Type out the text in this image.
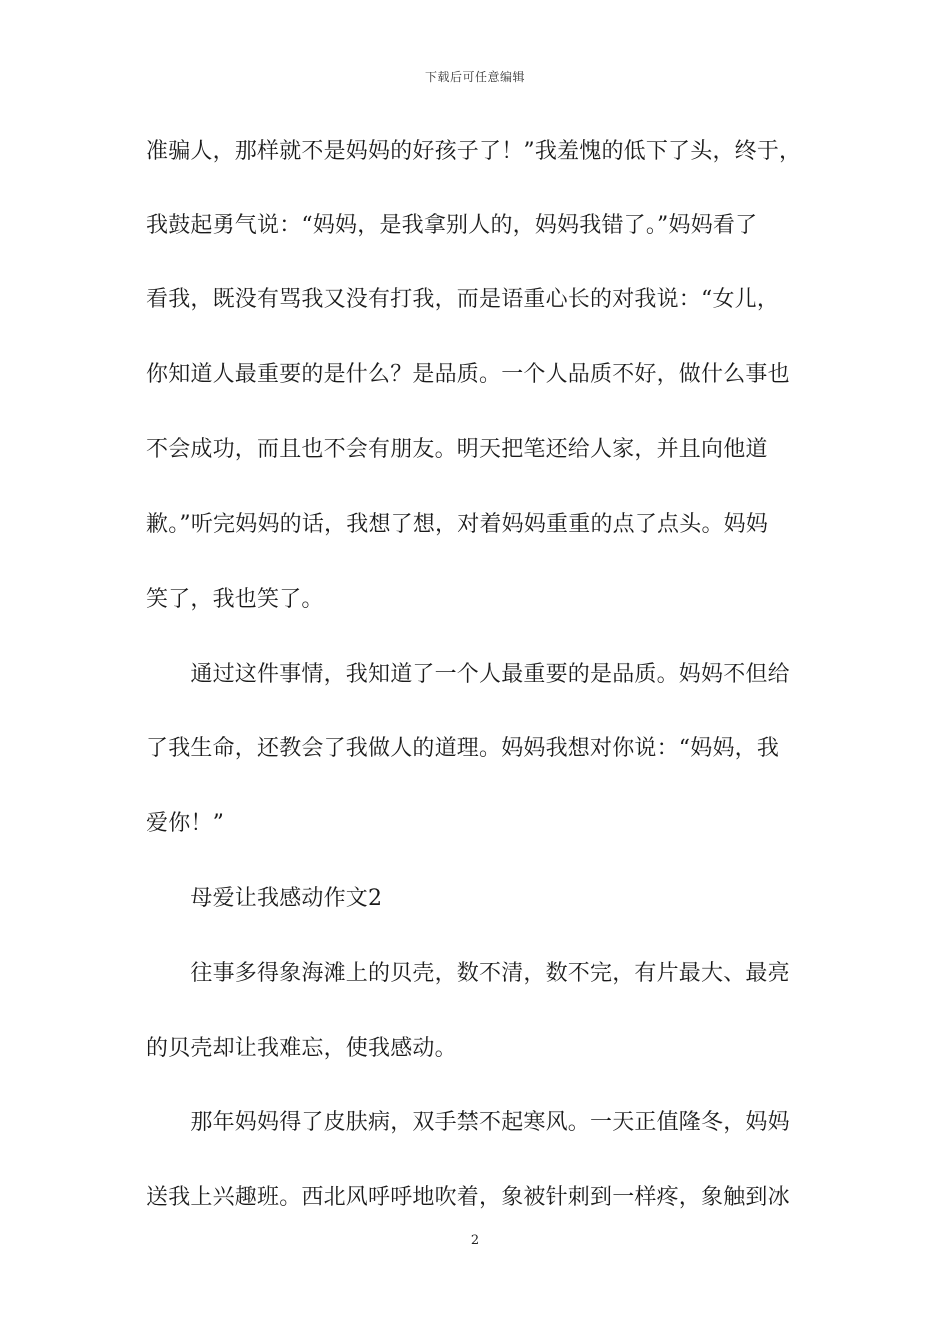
下载后可任意编辑
准骗人，那样就不是妈妈的好孩子了！”我羞愧的低下了头，终于，
我鼓起勇气说：“妈妈，是我拿别人的，妈妈我错了。”妈妈看了
看我，既没有骂我又没有打我，而是语重心长的对我说：“女儿，
你知道人最重要的是什么？是品质。一个人品质不好，做什么事也
不会成功，而且也不会有朋友。明天把笔还给人家，并且向他道
歉。”听完妈妈的话，我想了想，对着妈妈重重的点了点头。妈妈
笑了，我也笑了。
　　通过这件事情，我知道了一个人最重要的是品质。妈妈不但给
了我生命，还教会了我做人的道理。妈妈我想对你说：“妈妈，我
爱你！”
　　母爱让我感动作文2
　　往事多得象海滩上的贝壳，数不清，数不完，有片最大、最亮
的贝壳却让我难忘，使我感动。
　　那年妈妈得了皮肤病，双手禁不起寒风。一天正值隆冬，妈妈
送我上兴趣班。西北风呼呼地吹着，象被针刺到一样疼，象触到冰
2
